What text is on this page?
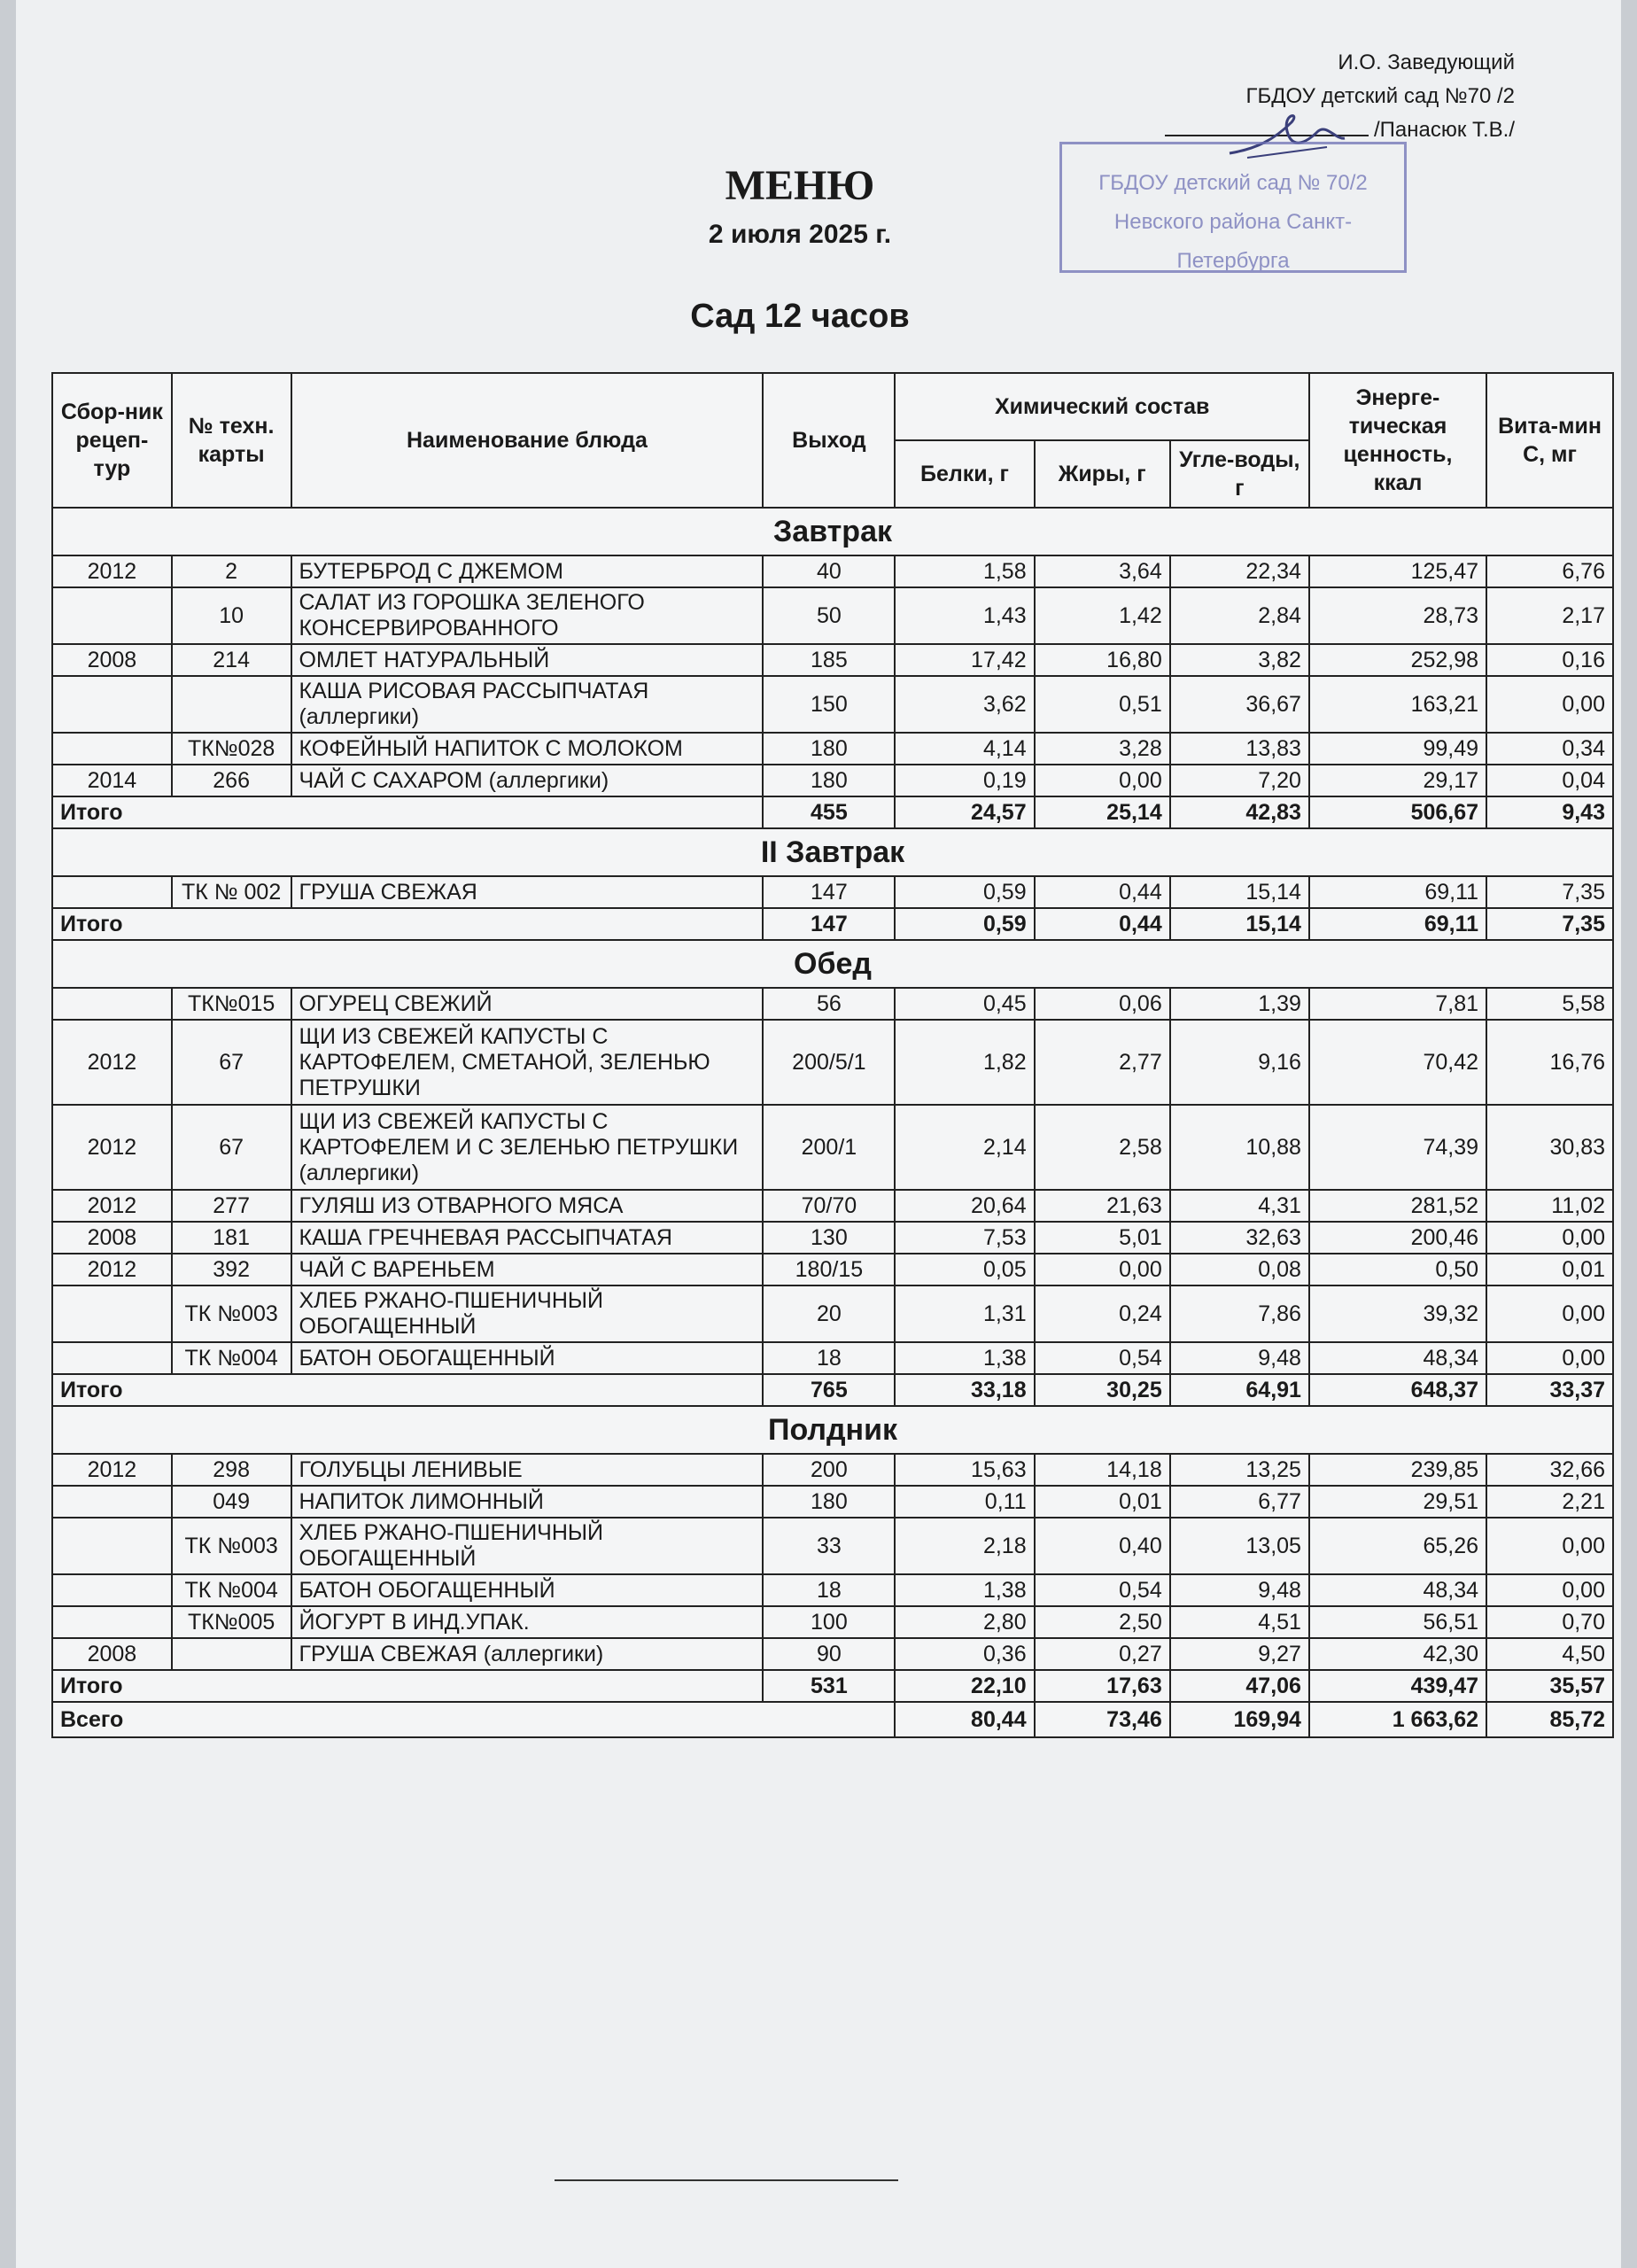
И.О. Заведующий
ГБДОУ детский сад №70 /2
/Панасюк Т.В./
ГБДОУ детский сад № 70/2
Невского района Санкт-Петербурга
МЕНЮ
2 июля 2025 г.
Сад 12 часов
Сбор-ник рецеп-тур	№ техн. карты	Наименование блюда	Выход	Химический состав			Энерге-тическая ценность, ккал	Вита-мин С, мг
				Белки, г	Жиры, г	Угле-воды, г		
Завтрак								
2012	2	БУТЕРБРОД С ДЖЕМОМ	40	1,58	3,64	22,34	125,47	6,76
	10	САЛАТ ИЗ ГОРОШКА ЗЕЛЕНОГО КОНСЕРВИРОВАННОГО	50	1,43	1,42	2,84	28,73	2,17
2008	214	ОМЛЕТ НАТУРАЛЬНЫЙ	185	17,42	16,80	3,82	252,98	0,16
		КАША РИСОВАЯ РАССЫПЧАТАЯ (аллергики)	150	3,62	0,51	36,67	163,21	0,00
	ТК№028	КОФЕЙНЫЙ НАПИТОК С МОЛОКОМ	180	4,14	3,28	13,83	99,49	0,34
2014	266	ЧАЙ С САХАРОМ (аллергики)	180	0,19	0,00	7,20	29,17	0,04
Итого			455	24,57	25,14	42,83	506,67	9,43
II Завтрак								
	ТК № 002	ГРУША СВЕЖАЯ	147	0,59	0,44	15,14	69,11	7,35
Итого			147	0,59	0,44	15,14	69,11	7,35
Обед								
	ТК№015	ОГУРЕЦ СВЕЖИЙ	56	0,45	0,06	1,39	7,81	5,58
2012	67	ЩИ ИЗ СВЕЖЕЙ КАПУСТЫ С КАРТОФЕЛЕМ, СМЕТАНОЙ, ЗЕЛЕНЬЮ ПЕТРУШКИ	200/5/1	1,82	2,77	9,16	70,42	16,76
2012	67	ЩИ ИЗ СВЕЖЕЙ КАПУСТЫ С КАРТОФЕЛЕМ И С ЗЕЛЕНЬЮ ПЕТРУШКИ (аллергики)	200/1	2,14	2,58	10,88	74,39	30,83
2012	277	ГУЛЯШ ИЗ ОТВАРНОГО МЯСА	70/70	20,64	21,63	4,31	281,52	11,02
2008	181	КАША ГРЕЧНЕВАЯ РАССЫПЧАТАЯ	130	7,53	5,01	32,63	200,46	0,00
2012	392	ЧАЙ С ВАРЕНЬЕМ	180/15	0,05	0,00	0,08	0,50	0,01
	ТК №003	ХЛЕБ РЖАНО-ПШЕНИЧНЫЙ ОБОГАЩЕННЫЙ	20	1,31	0,24	7,86	39,32	0,00
	ТК №004	БАТОН ОБОГАЩЕННЫЙ	18	1,38	0,54	9,48	48,34	0,00
Итого			765	33,18	30,25	64,91	648,37	33,37
Полдник								
2012	298	ГОЛУБЦЫ ЛЕНИВЫЕ	200	15,63	14,18	13,25	239,85	32,66
	049	НАПИТОК ЛИМОННЫЙ	180	0,11	0,01	6,77	29,51	2,21
	ТК №003	ХЛЕБ РЖАНО-ПШЕНИЧНЫЙ ОБОГАЩЕННЫЙ	33	2,18	0,40	13,05	65,26	0,00
	ТК №004	БАТОН ОБОГАЩЕННЫЙ	18	1,38	0,54	9,48	48,34	0,00
	ТК№005	ЙОГУРТ В ИНД.УПАК.	100	2,80	2,50	4,51	56,51	0,70
2008		ГРУША СВЕЖАЯ (аллергики)	90	0,36	0,27	9,27	42,30	4,50
Итого			531	22,10	17,63	47,06	439,47	35,57
Всего				80,44	73,46	169,94	1 663,62	85,72
